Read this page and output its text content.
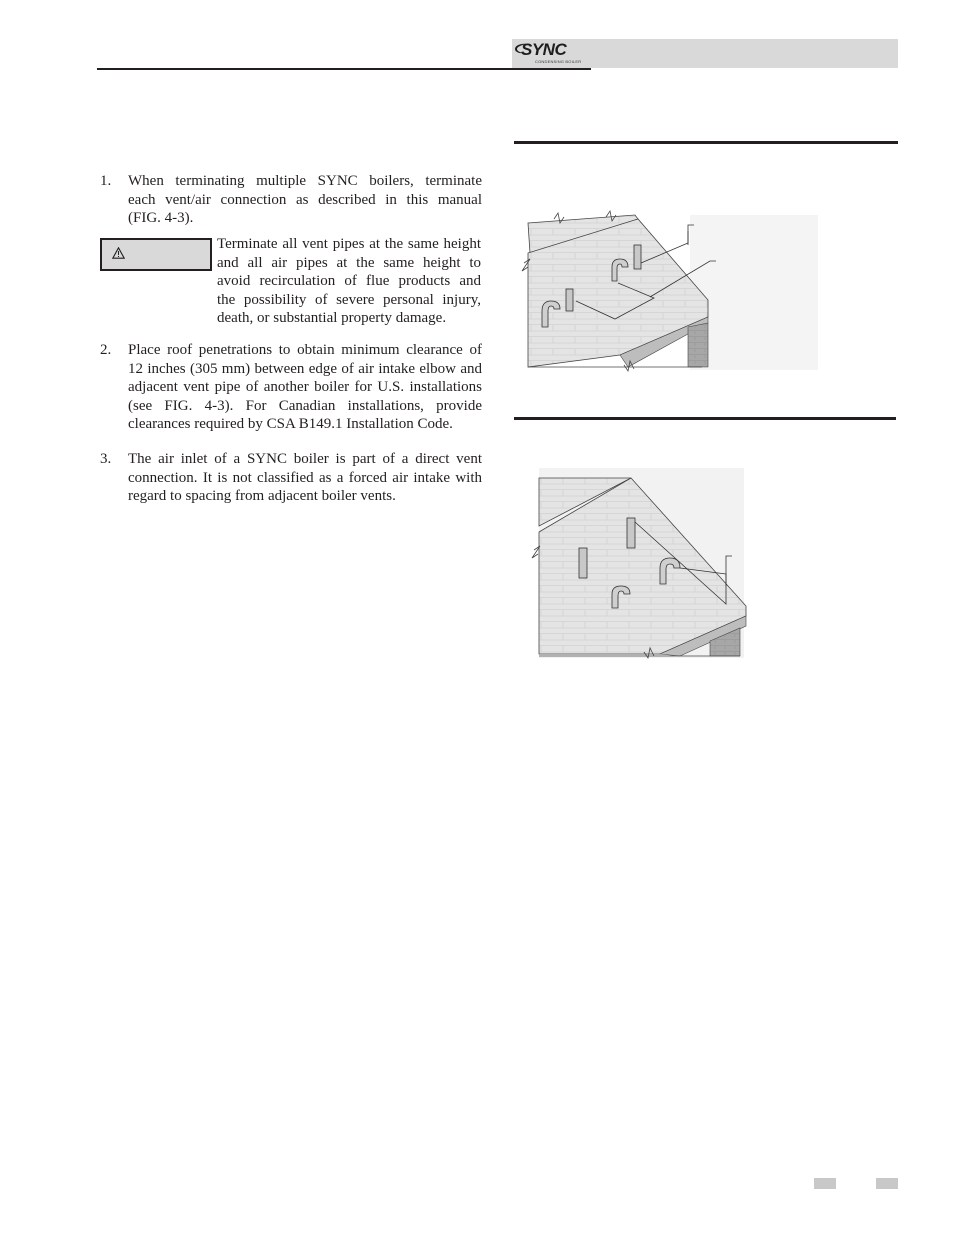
SYNC
CONDENSING BOILER
1. When terminating multiple SYNC boilers, terminate
each vent/air connection as described in this manual
(FIG. 4-3).
Terminate all vent pipes at the same height
and all air pipes at the same height to
avoid recirculation of flue products and
the possibility of severe personal injury,
death, or substantial property damage.
2. Place roof penetrations to obtain minimum clearance of
12 inches (305 mm) between edge of air intake elbow and
adjacent vent pipe of another boiler for U.S. installations
(see FIG. 4-3). For Canadian installations, provide
clearances required by CSA B149.1 Installation Code.
3. The air inlet of a SYNC boiler is part of a direct vent
connection. It is not classified as a forced air intake with
regard to spacing from adjacent boiler vents.
